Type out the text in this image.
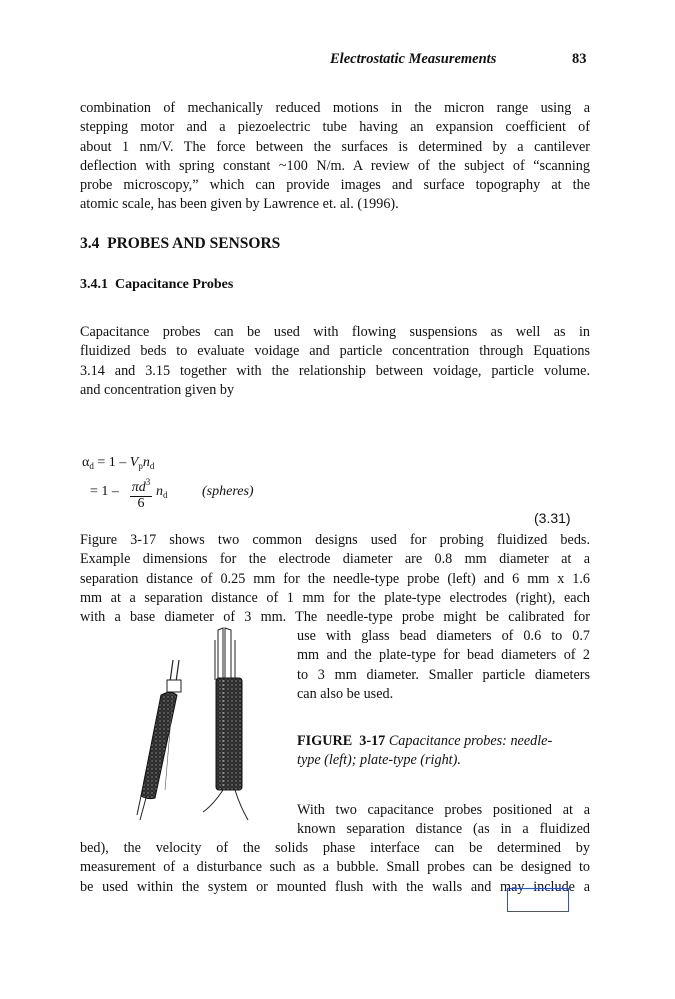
Electrostatic Measurements	83
combination of mechanically reduced motions in the micron range using a
stepping motor and a piezoelectric tube having an expansion coefficient of
about 1 nm/V. The force between the surfaces is determined by a cantilever
deflection with spring constant ~100 N/m. A review of the subject of “scanning
probe microscopy,” which can provide images and surface topography at the
atomic scale, has been given by Lawrence et. al. (1996).
3.4  PROBES AND SENSORS
3.4.1  Capacitance Probes
Capacitance probes can be used with flowing suspensions as well as in
fluidized beds to evaluate voidage and particle concentration through Equations
3.14 and 3.15 together with the relationship between voidage, particle volume.
and concentration given by
$\alpha_d = 1 - V_pn_d$
= $1 - \pi d^3$
6
$n_d$ (spheres)
(3.31)
Figure 3-17 shows two common designs used for probing fluidized beds.
Example dimensions for the electrode diameter are 0.8 mm diameter at a
separation distance of 0.25 mm for the needle-type probe (left) and 6 mm x 1.6
mm at a separation distance of 1 mm for the plate-type electrodes (right), each
with a base diameter of 3 mm. The needle-type probe might be calibrated for
use with glass bead diameters of 0.6 to 0.7
mm and the plate-type for bead diameters of 2
to 3 mm diameter. Smaller particle diameters
can also be used.
FIGURE  3-17 Capacitance probes: needle-
type (left); plate-type (right).
With two capacitance probes positioned at a
known separation distance (as in a fluidized
bed), the velocity of the solids phase interface can be determined by
measurement of a disturbance such as a bubble. Small probes can be designed to
be used within the system or mounted flush with the walls and may include a
